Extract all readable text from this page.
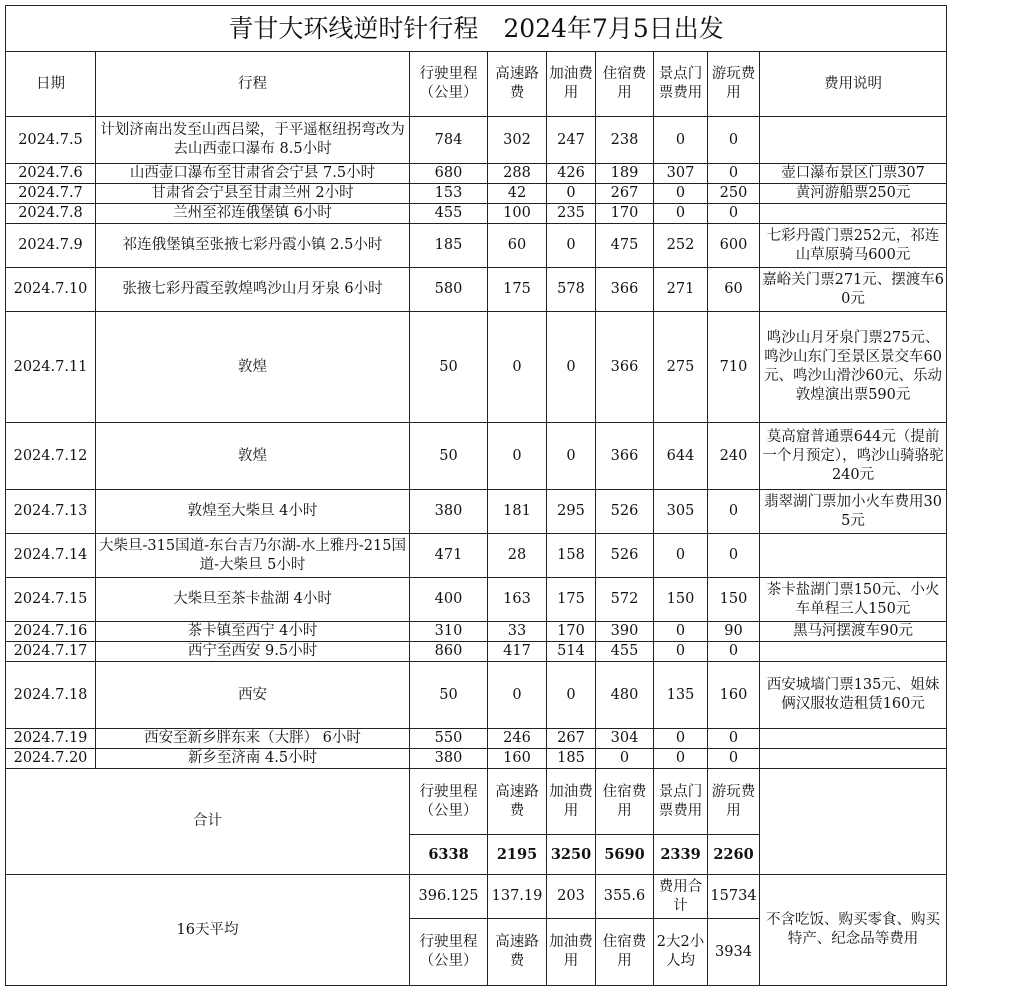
青甘大环线逆时针行程　2024年7月5日出发								
日期	行程	行驶里程（公里）	高速路费	加油费用	住宿费用	景点门票费用	游玩费用	费用说明
2024.7.5	计划济南出发至山西吕梁，于平遥枢纽拐弯改为去山西壶口瀑布 8.5小时	784	302	247	238	0	0	
2024.7.6	山西壶口瀑布至甘肃省会宁县 7.5小时	680	288	426	189	307	0	壶口瀑布景区门票307
2024.7.7	甘肃省会宁县至甘肃兰州 2小时	153	42	0	267	0	250	黄河游船票250元
2024.7.8	兰州至祁连俄堡镇 6小时	455	100	235	170	0	0	
2024.7.9	祁连俄堡镇至张掖七彩丹霞小镇 2.5小时	185	60	0	475	252	600	七彩丹霞门票252元，祁连山草原骑马600元
2024.7.10	张掖七彩丹霞至敦煌鸣沙山月牙泉 6小时	580	175	578	366	271	60	嘉峪关门票271元、摆渡车60元
2024.7.11	敦煌	50	0	0	366	275	710	鸣沙山月牙泉门票275元、鸣沙山东门至景区景交车60元、鸣沙山滑沙60元、乐动敦煌演出票590元
2024.7.12	敦煌	50	0	0	366	644	240	莫高窟普通票644元（提前一个月预定），鸣沙山骑骆驼240元
2024.7.13	敦煌至大柴旦 4小时	380	181	295	526	305	0	翡翠湖门票加小火车费用305元
2024.7.14	大柴旦-315国道-东台吉乃尔湖-水上雅丹-215国道-大柴旦 5小时	471	28	158	526	0	0	
2024.7.15	大柴旦至茶卡盐湖 4小时	400	163	175	572	150	150	茶卡盐湖门票150元、小火车单程三人150元
2024.7.16	茶卡镇至西宁 4小时	310	33	170	390	0	90	黑马河摆渡车90元
2024.7.17	西宁至西安 9.5小时	860	417	514	455	0	0	
2024.7.18	西安	50	0	0	480	135	160	西安城墙门票135元、姐妹俩汉服妆造租赁160元
2024.7.19	西安至新乡胖东来（大胖） 6小时	550	246	267	304	0	0	
2024.7.20	新乡至济南 4.5小时	380	160	185	0	0	0	
合计		行驶里程（公里）	高速路费	加油费用	住宿费用	景点门票费用	游玩费用	
		6338	2195	3250	5690	2339	2260	
16天平均		396.125	137.19	203	355.6	费用合计	15734	不含吃饭、购买零食、购买特产、纪念品等费用
		行驶里程（公里）	高速路费	加油费用	住宿费用	2大2小人均	3934	
